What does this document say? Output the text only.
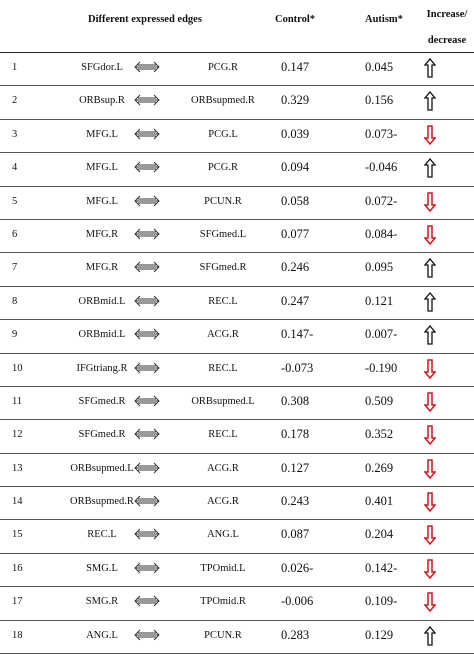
Different expressed edges	Control*	Autism*	Increase/
decrease
1	SFGdor.L	PCG.R	0.147	0.045
2	ORBsup.R	ORBsupmed.R	0.329	0.156
3	MFG.L	PCG.L	0.039	0.073-
4	MFG.L	PCG.R	0.094	-0.046
5	MFG.L	PCUN.R	0.058	0.072-
6	MFG.R	SFGmed.L	0.077	0.084-
7	MFG.R	SFGmed.R	0.246	0.095
8	ORBmid.L	REC.L	0.247	0.121
9	ORBmid.L	ACG.R	0.147-	0.007-
10	IFGtriang.R	REC.L	-0.073	-0.190
11	SFGmed.R	ORBsupmed.L	0.308	0.509
12	SFGmed.R	REC.L	0.178	0.352
13	ORBsupmed.L	ACG.R	0.127	0.269
14	ORBsupmed.R	ACG.R	0.243	0.401
15	REC.L	ANG.L	0.087	0.204
16	SMG.L	TPOmid.L	0.026-	0.142-
17	SMG.R	TPOmid.R	-0.006	0.109-
18	ANG.L	PCUN.R	0.283	0.129
